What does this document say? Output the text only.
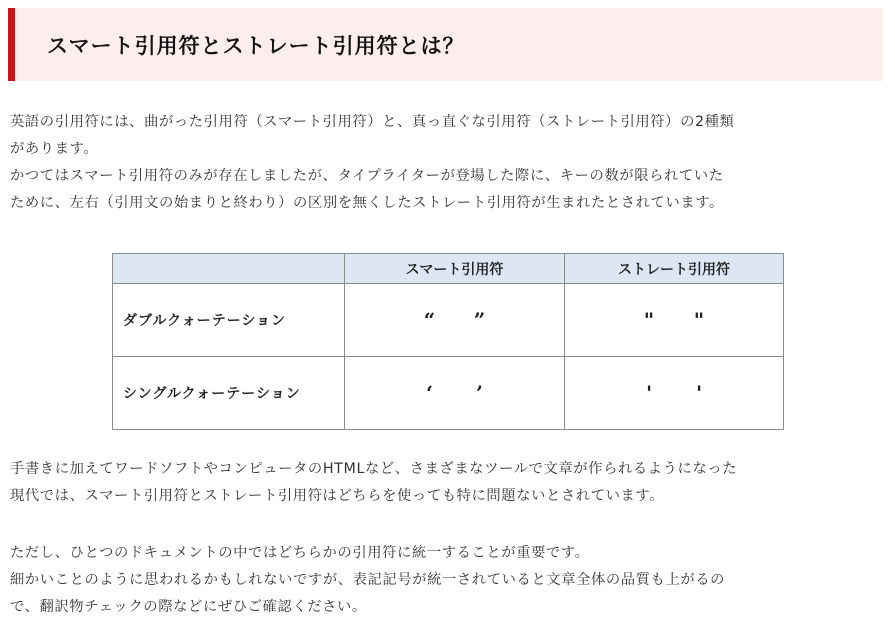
スマート引用符とストレート引用符とは？

英語の引用符には、曲がった引用符（スマート引用符）と、真っ直ぐな引用符（ストレート引用符）の2種類
があります。
かつてはスマート引用符のみが存在しましたが、タイプライターが登場した際に、キーの数が限られていた
ために、左右（引用文の始まりと終わり）の区別を無くしたストレート引用符が生まれたとされています。

	スマート引用符	ストレート引用符
ダブルクォーテーション	“ ”	" "
シングルクォーテーション	‘ ’	' '

手書きに加えてワードソフトやコンピュータのHTMLなど、さまざまなツールで文章が作られるようになった
現代では、スマート引用符とストレート引用符はどちらを使っても特に問題ないとされています。

ただし、ひとつのドキュメントの中ではどちらかの引用符に統一することが重要です。
細かいことのように思われるかもしれないですが、表記記号が統一されていると文章全体の品質も上がるの
で、翻訳物チェックの際などにぜひご確認ください。
